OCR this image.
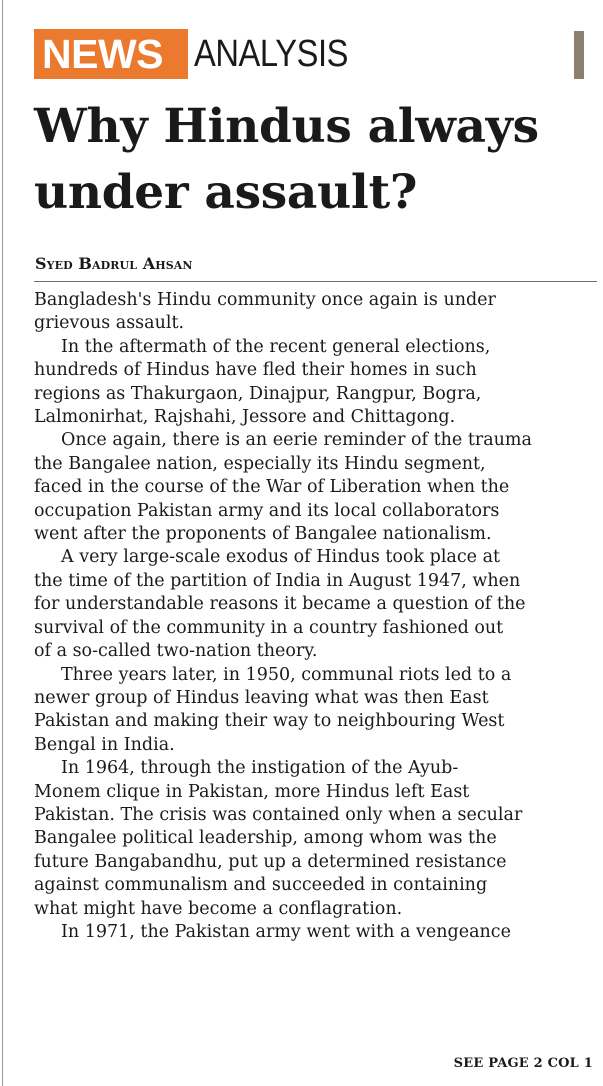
NEWS ANALYSIS
Why Hindus always
under assault?
Syed Badrul Ahsan

Bangladesh's Hindu community once again is under
grievous assault.

In the aftermath of the recent general elections,
hundreds of Hindus have fled their homes in such
regions as Thakurgaon, Dinajpur, Rangpur, Bogra,
Lalmonirhat, Rajshahi, Jessore and Chittagong.

Once again, there is an eerie reminder of the trauma
the Bangalee nation, especially its Hindu segment,
faced in the course of the War of Liberation when the
occupation Pakistan army and its local collaborators
went after the proponents of Bangalee nationalism.

A very large-scale exodus of Hindus took place at
the time of the partition of India in August 1947, when
for understandable reasons it became a question of the
survival of the community in a country fashioned out
of a so-called two-nation theory.

Three years later, in 1950, communal riots led to a
newer group of Hindus leaving what was then East
Pakistan and making their way to neighbouring West
Bengal in India.

In 1964, through the instigation of the Ayub-
Monem clique in Pakistan, more Hindus left East
Pakistan. The crisis was contained only when a secular
Bangalee political leadership, among whom was the
future Bangabandhu, put up a determined resistance
against communalism and succeeded in containing
what might have become a conflagration.

In 1971, the Pakistan army went with a vengeance

SEE PAGE 2 COL 1
